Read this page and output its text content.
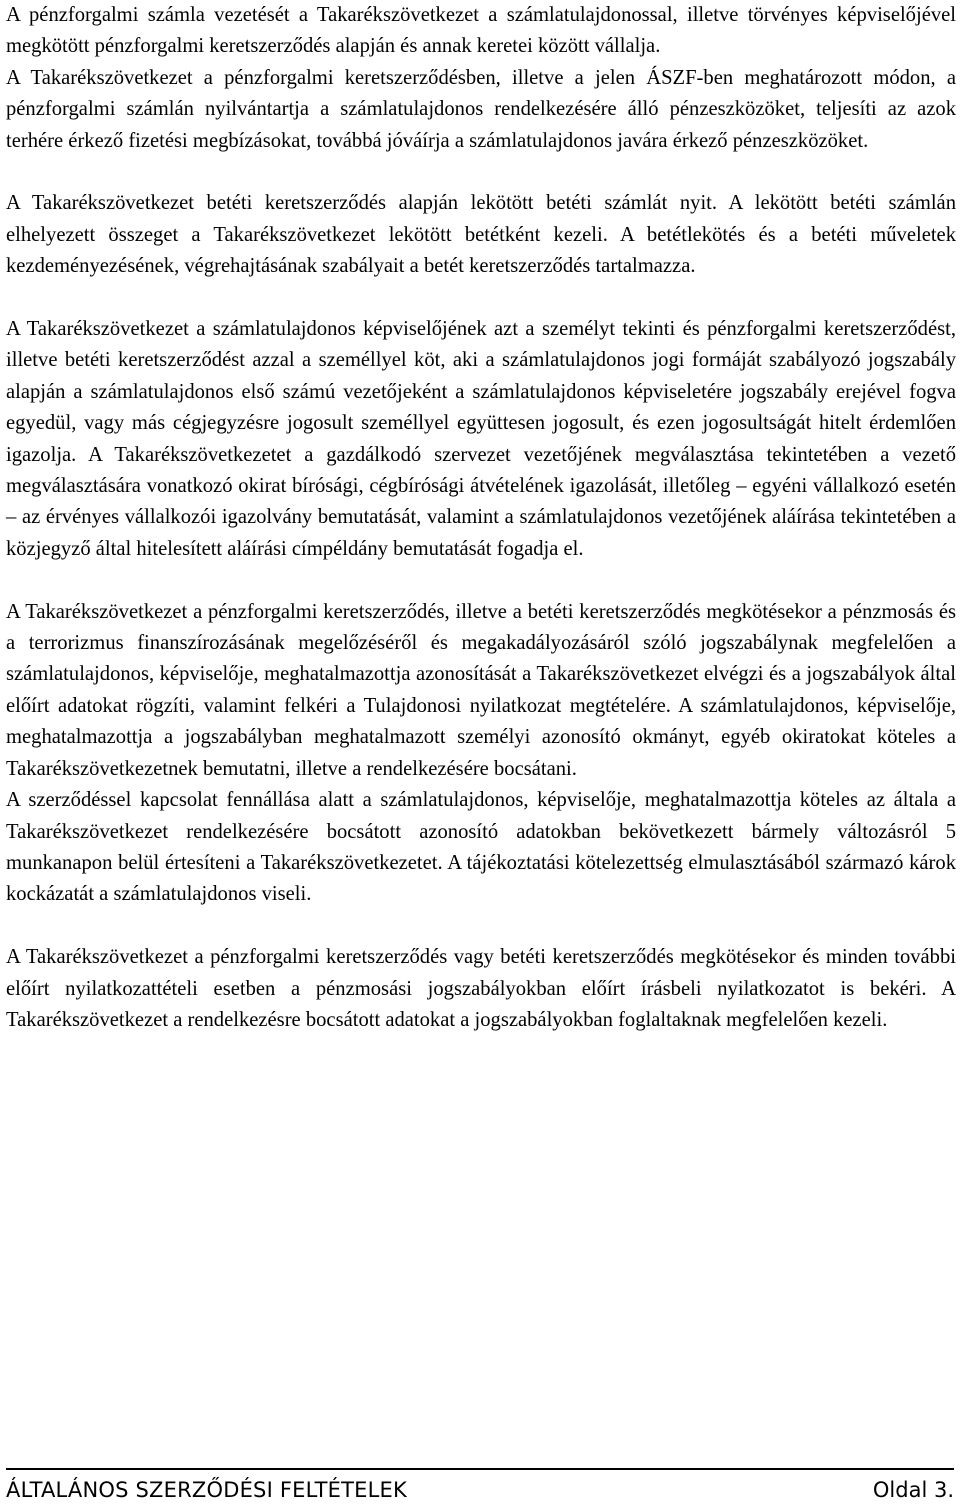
A pénzforgalmi számla vezetését a Takarékszövetkezet a számlatulajdonossal, illetve törvényes képviselőjével megkötött pénzforgalmi keretszerződés alapján és annak keretei között vállalja.

A Takarékszövetkezet a pénzforgalmi keretszerződésben, illetve a jelen ÁSZF-ben meghatározott módon, a pénzforgalmi számlán nyilvántartja a számlatulajdonos rendelkezésére álló pénzeszközöket, teljesíti az azok terhére érkező fizetési megbízásokat, továbbá jóváírja a számlatulajdonos javára érkező pénzeszközöket.

A Takarékszövetkezet betéti keretszerződés alapján lekötött betéti számlát nyit. A lekötött betéti számlán elhelyezett összeget a Takarékszövetkezet lekötött betétként kezeli. A betétlekötés és a betéti műveletek kezdeményezésének, végrehajtásának szabályait a betét keretszerződés tartalmazza.

A Takarékszövetkezet a számlatulajdonos képviselőjének azt a személyt tekinti és pénzforgalmi keretszerződést, illetve betéti keretszerződést azzal a személlyel köt, aki a számlatulajdonos jogi formáját szabályozó jogszabály alapján a számlatulajdonos első számú vezetőjeként a számlatulajdonos képviseletére jogszabály erejével fogva egyedül, vagy más cégjegyzésre jogosult személlyel együttesen jogosult, és ezen jogosultságát hitelt érdemlően igazolja. A Takarékszövetkezetet a gazdálkodó szervezet vezetőjének megválasztása tekintetében a vezető megválasztására vonatkozó okirat bírósági, cégbírósági átvételének igazolását, illetőleg – egyéni vállalkozó esetén – az érvényes vállalkozói igazolvány bemutatását, valamint a számlatulajdonos vezetőjének aláírása tekintetében a közjegyző által hitelesített aláírási címpéldány bemutatását fogadja el.

A Takarékszövetkezet a pénzforgalmi keretszerződés, illetve a betéti keretszerződés megkötésekor a pénzmosás és a terrorizmus finanszírozásának megelőzéséről és megakadályozásáról szóló jogszabálynak megfelelően a számlatulajdonos, képviselője, meghatalmazottja azonosítását a Takarékszövetkezet elvégzi és a jogszabályok által előírt adatokat rögzíti, valamint felkéri a Tulajdonosi nyilatkozat megtételére. A számlatulajdonos, képviselője, meghatalmazottja a jogszabályban meghatalmazott személyi azonosító okmányt, egyéb okiratokat köteles a Takarékszövetkezetnek bemutatni, illetve a rendelkezésére bocsátani.

A szerződéssel kapcsolat fennállása alatt a számlatulajdonos, képviselője, meghatalmazottja köteles az általa a Takarékszövetkezet rendelkezésére bocsátott azonosító adatokban bekövetkezett bármely változásról 5 munkanapon belül értesíteni a Takarékszövetkezetet. A tájékoztatási kötelezettség elmulasztásából származó károk kockázatát a számlatulajdonos viseli.

A Takarékszövetkezet a pénzforgalmi keretszerződés vagy betéti keretszerződés megkötésekor és minden további előírt nyilatkozattételi esetben a pénzmosási jogszabályokban előírt írásbeli nyilatkozatot is bekéri. A Takarékszövetkezet a rendelkezésre bocsátott adatokat a jogszabályokban foglaltaknak megfelelően kezeli.

ÁLTALÁNOS SZERZŐDÉSI FELTÉTELEK	Oldal 3.
